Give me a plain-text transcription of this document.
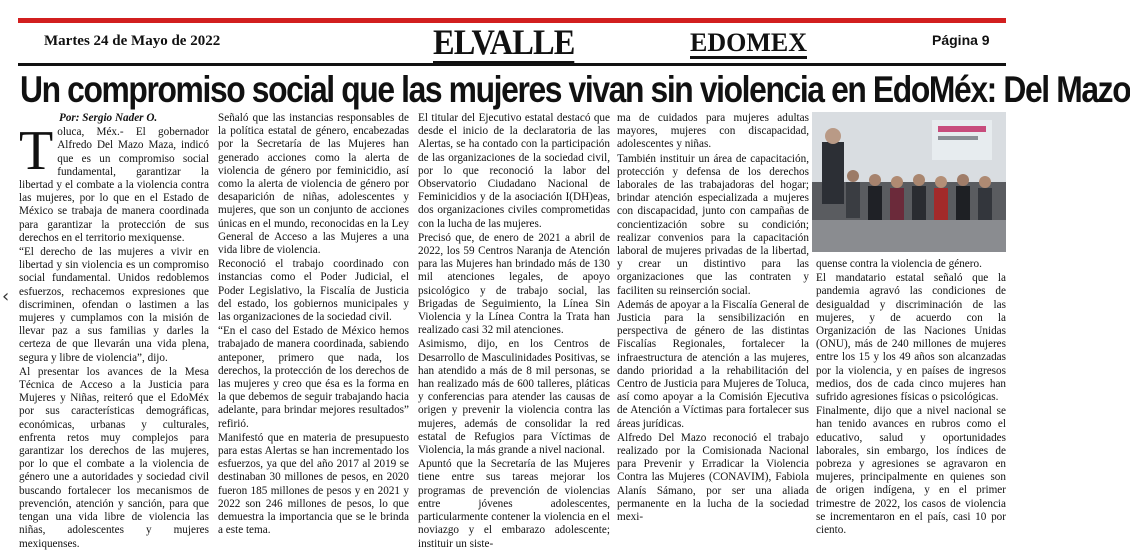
Martes 24 de Mayo de 2022	ELVALLE	EDOMEX	Página 9
Un compromiso social que las mujeres vivan sin violencia en EdoMéx: Del Mazo
‹

Por: Sergio Nader O.

Toluca, Méx.- El gobernador Alfredo Del Mazo Maza, indicó que es un compromiso social fundamental, garantizar la libertad y el combate a la violencia contra las mujeres, por lo que en el Estado de México se trabaja de manera coordinada para garantizar la protección de sus derechos en el territorio mexiquense.

“El derecho de las mujeres a vivir en libertad y sin violencia es un compromiso social fundamental. Unidos redoblemos esfuerzos, rechacemos expresiones que discriminen, ofendan o lastimen a las mujeres y cumplamos con la misión de llevar paz a sus familias y darles la certeza de que llevarán una vida plena, segura y libre de violencia”, dijo.

Al presentar los avances de la Mesa Técnica de Acceso a la Justicia para Mujeres y Niñas, reiteró que el EdoMéx por sus características demográficas, económicas, urbanas y culturales, enfrenta retos muy complejos para garantizar los derechos de las mujeres, por lo que el combate a la violencia de género une a autoridades y sociedad civil buscando fortalecer los mecanismos de prevención, atención y sanción, para que tengan una vida libre de violencia las niñas, adolescentes y mujeres mexiquenses.

Señaló que las instancias responsables de la política estatal de género, encabezadas por la Secretaría de las Mujeres han generado acciones como la alerta de violencia de género por feminicidio, así como la alerta de violencia de género por desaparición de niñas, adolescentes y mujeres, que son un conjunto de acciones únicas en el mundo, reconocidas en la Ley General de Acceso a las Mujeres a una vida libre de violencia.

Reconoció el trabajo coordinado con instancias como el Poder Judicial, el Poder Legislativo, la Fiscalía de Justicia del estado, los gobiernos municipales y las organizaciones de la sociedad civil.

“En el caso del Estado de México hemos trabajado de manera coordinada, sabiendo anteponer, primero que nada, los derechos, la protección de los derechos de las mujeres y creo que ésa es la forma en la que debemos de seguir trabajando hacia adelante, para brindar mejores resultados” refirió.

Manifestó que en materia de presupuesto para estas Alertas se han incrementado los esfuerzos, ya que del año 2017 al 2019 se destinaban 30 millones de pesos, en 2020 fueron 185 millones de pesos y en 2021 y 2022 son 246 millones de pesos, lo que demuestra la importancia que se le brinda a este tema.

El titular del Ejecutivo estatal destacó que desde el inicio de la declaratoria de las Alertas, se ha contado con la participación de las organizaciones de la sociedad civil, por lo que reconoció la labor del Observatorio Ciudadano Nacional de Feminicidios y de la asociación I(DH)eas, dos organizaciones civiles comprometidas con la lucha de las mujeres.

Precisó que, de enero de 2021 a abril de 2022, los 59 Centros Naranja de Atención para las Mujeres han brindado más de 130 mil atenciones legales, de apoyo psicológico y de trabajo social, las Brigadas de Seguimiento, la Línea Sin Violencia y la Línea Contra la Trata han realizado casi 32 mil atenciones.

Asimismo, dijo, en los Centros de Desarrollo de Masculinidades Positivas, se han atendido a más de 8 mil personas, se han realizado más de 600 talleres, pláticas y conferencias para atender las causas de origen y prevenir la violencia contra las mujeres, además de consolidar la red estatal de Refugios para Víctimas de Violencia, la más grande a nivel nacional.

Apuntó que la Secretaría de las Mujeres tiene entre sus tareas mejorar los programas de prevención de violencias entre jóvenes adolescentes, particularmente contener la violencia en el noviazgo y el embarazo adolescente; instituir un siste-

ma de cuidados para mujeres adultas mayores, mujeres con discapacidad, adolescentes y niñas.

También instituir un área de capacitación, protección y defensa de los derechos laborales de las trabajadoras del hogar; brindar atención especializada a mujeres con discapacidad, junto con campañas de concientización sobre su condición; realizar convenios para la capacitación laboral de mujeres privadas de la libertad, y crear un distintivo para las organizaciones que las contraten y faciliten su reinserción social.

Además de apoyar a la Fiscalía General de Justicia para la sensibilización en perspectiva de género de las distintas Fiscalías Regionales, fortalecer la infraestructura de atención a las mujeres, dando prioridad a la rehabilitación del Centro de Justicia para Mujeres de Toluca, así como apoyar a la Comisión Ejecutiva de Atención a Víctimas para fortalecer sus áreas jurídicas.

Alfredo Del Mazo reconoció el trabajo realizado por la Comisionada Nacional para Prevenir y Erradicar la Violencia Contra las Mujeres (CONAVIM), Fabiola Alanís Sámano, por ser una aliada permanente en la lucha de la sociedad mexi-

quense contra la violencia de género.

El mandatario estatal señaló que la pandemia agravó las condiciones de desigualdad y discriminación de las mujeres, y de acuerdo con la Organización de las Naciones Unidas (ONU), más de 240 millones de mujeres entre los 15 y los 49 años son alcanzadas por la violencia, y en países de ingresos medios, dos de cada cinco mujeres han sufrido agresiones físicas o psicológicas.

Finalmente, dijo que a nivel nacional se han tenido avances en rubros como el educativo, salud y oportunidades laborales, sin embargo, los índices de pobreza y agresiones se agravaron en mujeres, principalmente en quienes son de origen indígena, y en el primer trimestre de 2022, los casos de violencia se incrementaron en el país, casi 10 por ciento.
